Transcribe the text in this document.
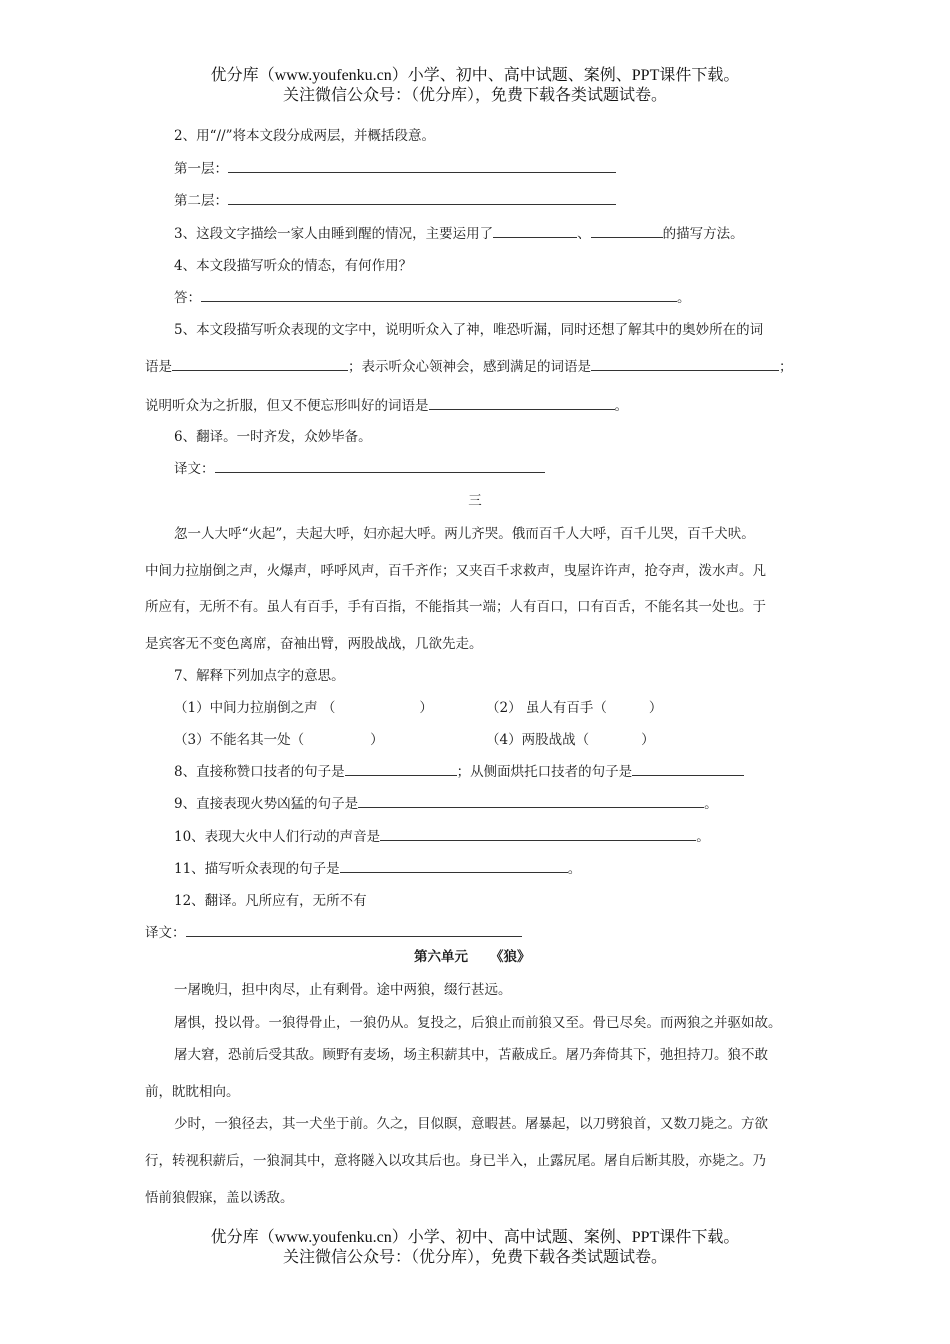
优分库（www.youfenku.cn）小学、初中、高中试题、案例、PPT课件下载。
关注微信公众号：（优分库），免费下载各类试题试卷。
2、用“//”将本文段分成两层，并概括段意。
第一层：
第二层：
3、这段文字描绘一家人由睡到醒的情况，主要运用了	、	的描写方法。
4、本文段描写听众的情态，有何作用？
答：	。
5、本文段描写听众表现的文字中，说明听众入了神，唯恐听漏，同时还想了解其中的奥妙所在的词
语是	；表示听众心领神会，感到满足的词语是	；
说明听众为之折服，但又不便忘形叫好的词语是	。
6、翻译。一时齐发，众妙毕备。
译文：
三
忽一人大呼“火起”，夫起大呼，妇亦起大呼。两儿齐哭。俄而百千人大呼，百千儿哭，百千犬吠。
中间力拉崩倒之声，火爆声，呼呼风声，百千齐作；又夹百千求救声，曳屋许许声，抢夺声，泼水声。凡
所应有，无所不有。虽人有百手，手有百指，不能指其一端；人有百口，口有百舌，不能名其一处也。于
是宾客无不变色离席，奋袖出臂，两股战战，几欲先走。
7、解释下列加点字的意思。
（1）中间力拉崩倒之声 （	）	（2） 虽人有百手（	）
（3）不能名其一处（	）	（4）两股战战（	）
8、直接称赞口技者的句子是	；从侧面烘托口技者的句子是
9、直接表现火势凶猛的句子是	。
10、表现大火中人们行动的声音是	。
11、描写听众表现的句子是	。
12、翻译。凡所应有，无所不有
译文：
第六单元 《狼》
一屠晚归，担中肉尽，止有剩骨。途中两狼，缀行甚远。
屠惧，投以骨。一狼得骨止，一狼仍从。复投之，后狼止而前狼又至。骨已尽矣。而两狼之并驱如故。
屠大窘，恐前后受其敌。顾野有麦场，场主积薪其中，苫蔽成丘。屠乃奔倚其下，弛担持刀。狼不敢
前，眈眈相向。
少时，一狼径去，其一犬坐于前。久之，目似瞑，意暇甚。屠暴起，以刀劈狼首，又数刀毙之。方欲
行，转视积薪后，一狼洞其中，意将隧入以攻其后也。身已半入，止露尻尾。屠自后断其股，亦毙之。乃
悟前狼假寐，盖以诱敌。
优分库（www.youfenku.cn）小学、初中、高中试题、案例、PPT课件下载。
关注微信公众号：（优分库），免费下载各类试题试卷。
